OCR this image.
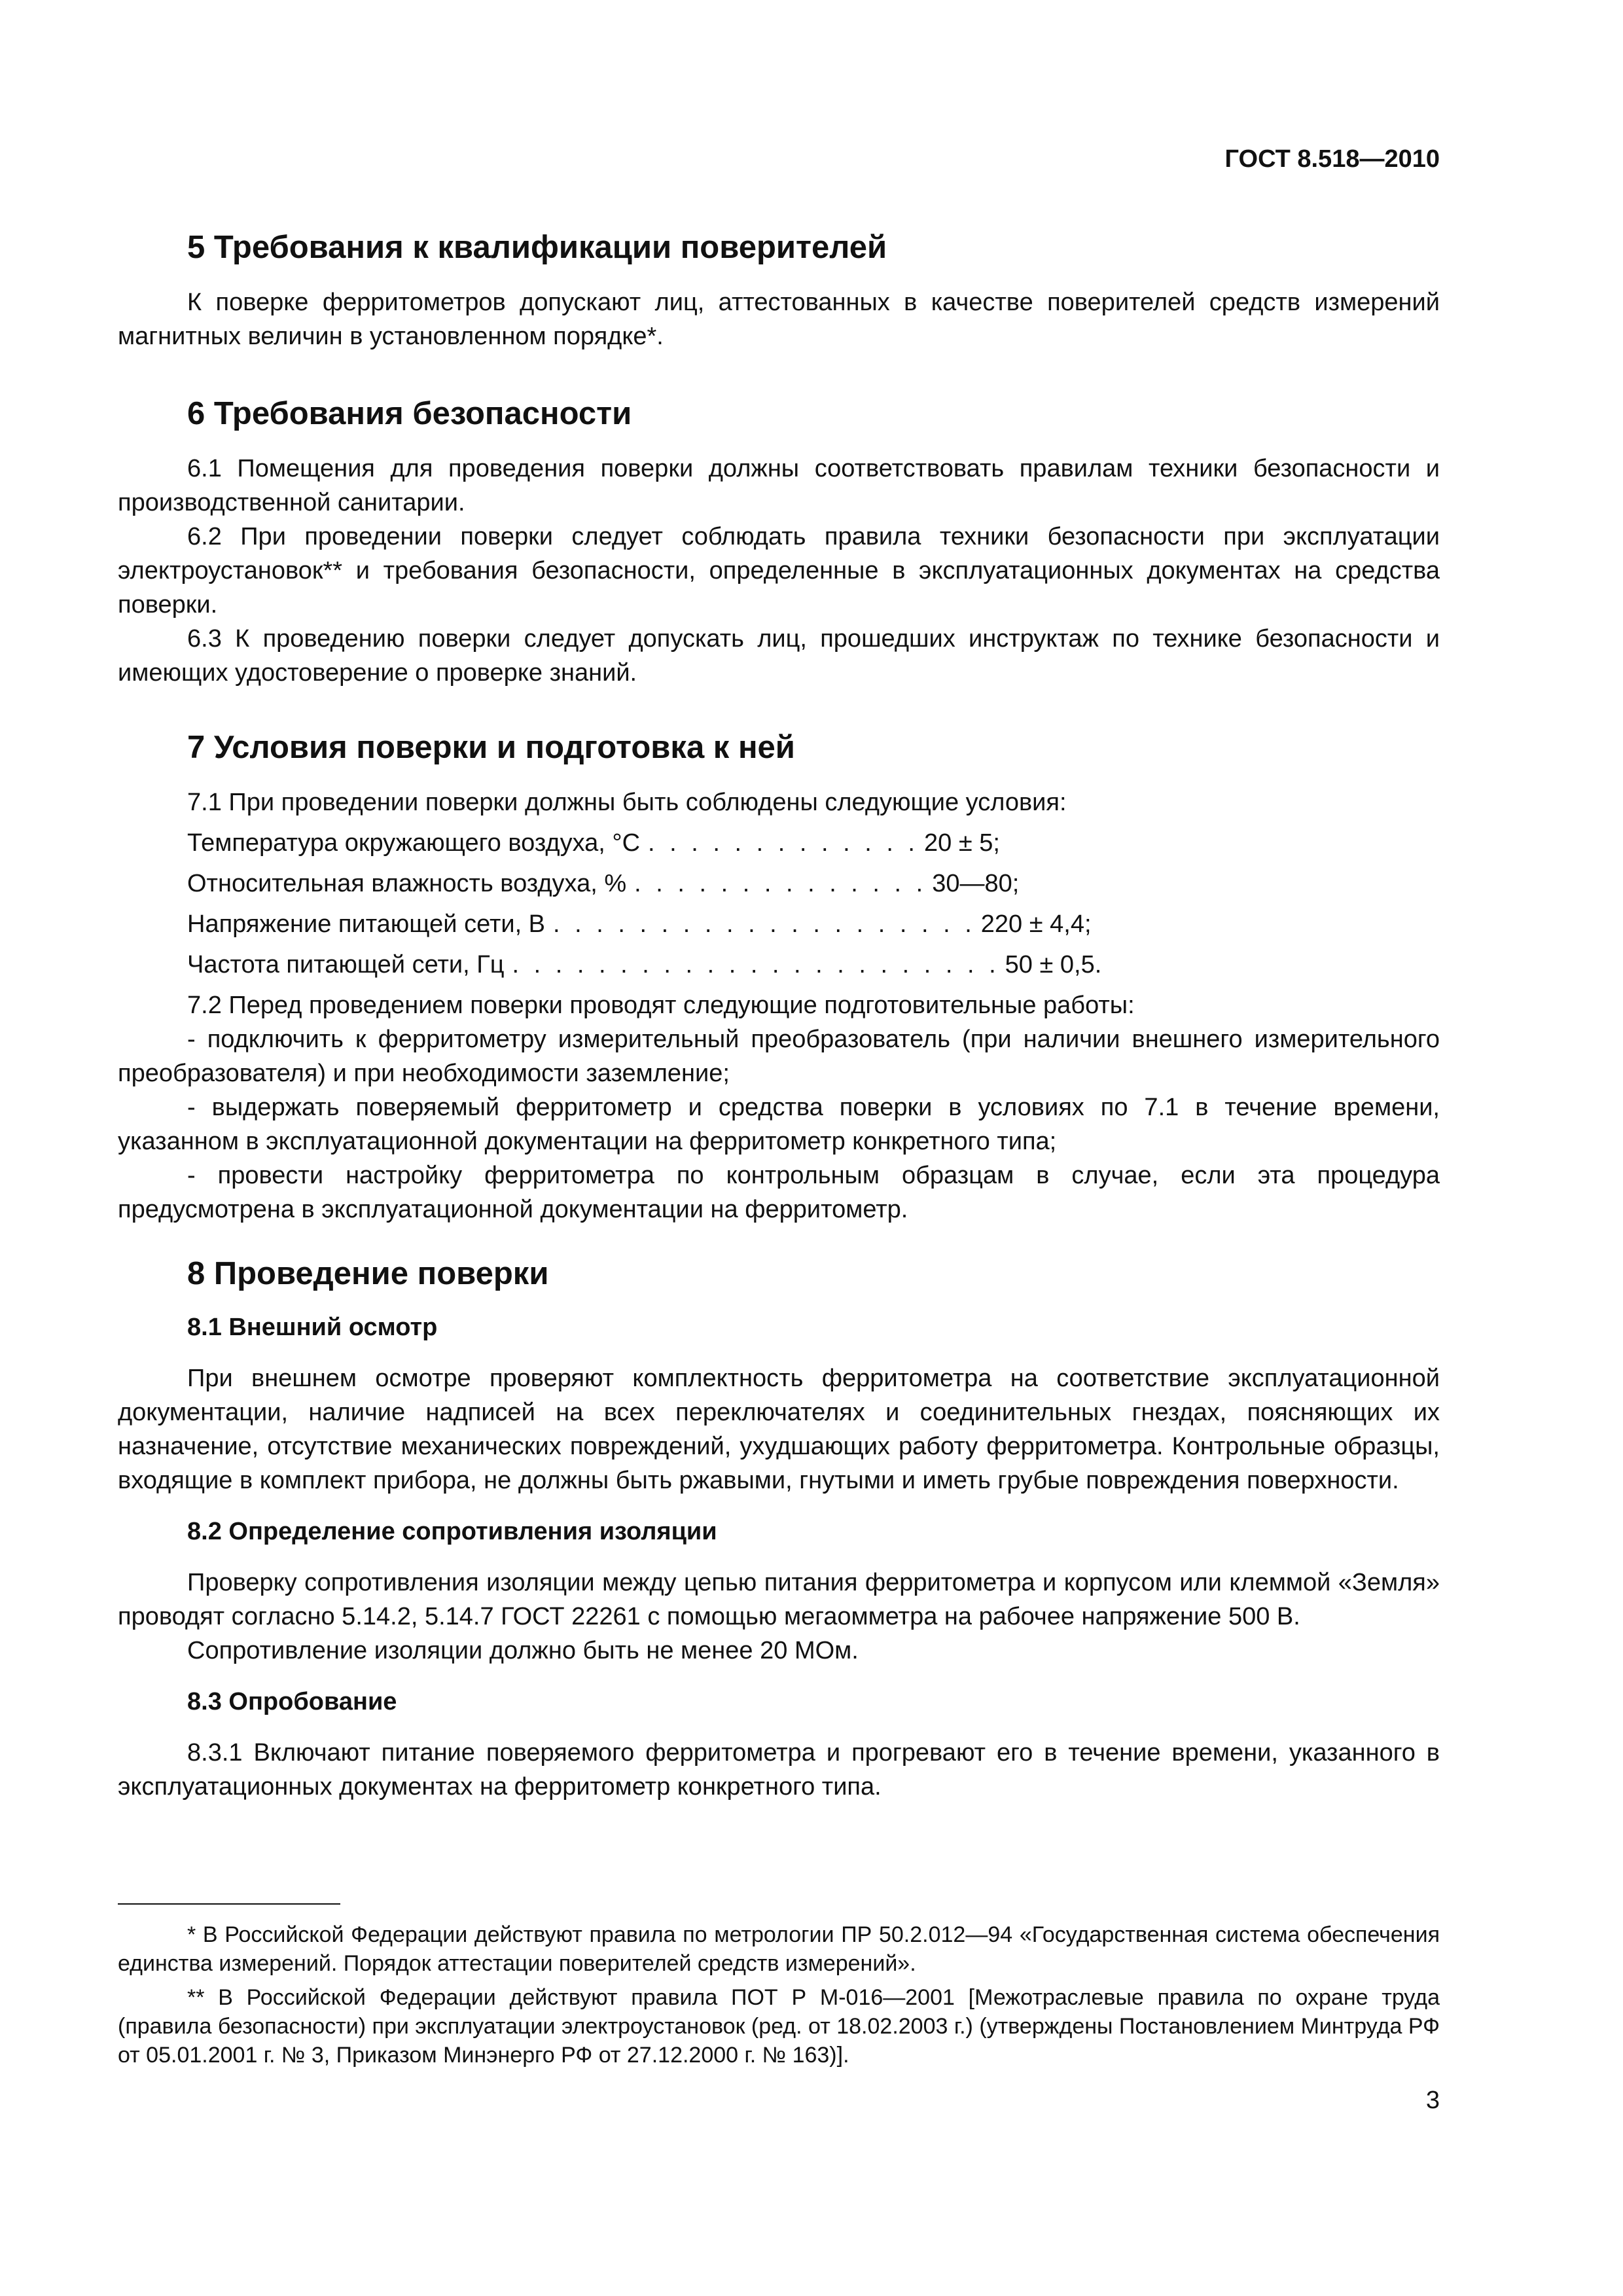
ГОСТ 8.518—2010
5 Требования к квалификации поверителей

К поверке ферритометров допускают лиц, аттестованных в качестве поверителей средств измерений магнитных величин в установленном порядке*.

6 Требования безопасности

6.1 Помещения для проведения поверки должны соответствовать правилам техники безопасности и производственной санитарии.

6.2 При проведении поверки следует соблюдать правила техники безопасности при эксплуатации электроустановок** и требования безопасности, определенные в эксплуатационных документах на средства поверки.

6.3 К проведению поверки следует допускать лиц, прошедших инструктаж по технике безопасности и имеющих удостоверение о проверке знаний.

7 Условия поверки и подготовка к ней

7.1 При проведении поверки должны быть соблюдены следующие условия:

Температура окружающего воздуха, °С . . . . . . . . . . . . . 20 ± 5;
Относительная влажность воздуха, % . . . . . . . . . . . . . . 30—80;
Напряжение питающей сети, В . . . . . . . . . . . . . . . . . . . . 220 ± 4,4;
Частота питающей сети, Гц . . . . . . . . . . . . . . . . . . . . . . . 50 ± 0,5.

7.2 Перед проведением поверки проводят следующие подготовительные работы:

- подключить к ферритометру измерительный преобразователь (при наличии внешнего измерительного преобразователя) и при необходимости заземление;

- выдержать поверяемый ферритометр и средства поверки в условиях по 7.1 в течение времени, указанном в эксплуатационной документации на ферритометр конкретного типа;

- провести настройку ферритометра по контрольным образцам в случае, если эта процедура предусмотрена в эксплуатационной документации на ферритометр.

8 Проведение поверки
8.1 Внешний осмотр

При внешнем осмотре проверяют комплектность ферритометра на соответствие эксплуатационной документации, наличие надписей на всех переключателях и соединительных гнездах, поясняющих их назначение, отсутствие механических повреждений, ухудшающих работу ферритометра. Контрольные образцы, входящие в комплект прибора, не должны быть ржавыми, гнутыми и иметь грубые повреждения поверхности.

8.2 Определение сопротивления изоляции

Проверку сопротивления изоляции между цепью питания ферритометра и корпусом или клеммой «Земля» проводят согласно 5.14.2, 5.14.7 ГОСТ 22261 с помощью мегаомметра на рабочее напряжение 500 В.

Сопротивление изоляции должно быть не менее 20 МОм.

8.3 Опробование

8.3.1 Включают питание поверяемого ферритометра и прогревают его в течение времени, указанного в эксплуатационных документах на ферритометр конкретного типа.

* В Российской Федерации действуют правила по метрологии ПР 50.2.012—94 «Государственная система обеспечения единства измерений. Порядок аттестации поверителей средств измерений».

** В Российской Федерации действуют правила ПОТ Р М-016—2001 [Межотраслевые правила по охране труда (правила безопасности) при эксплуатации электроустановок (ред. от 18.02.2003 г.) (утверждены Постановлением Минтруда РФ от 05.01.2001 г. № 3, Приказом Минэнерго РФ от 27.12.2000 г. № 163)].

3
